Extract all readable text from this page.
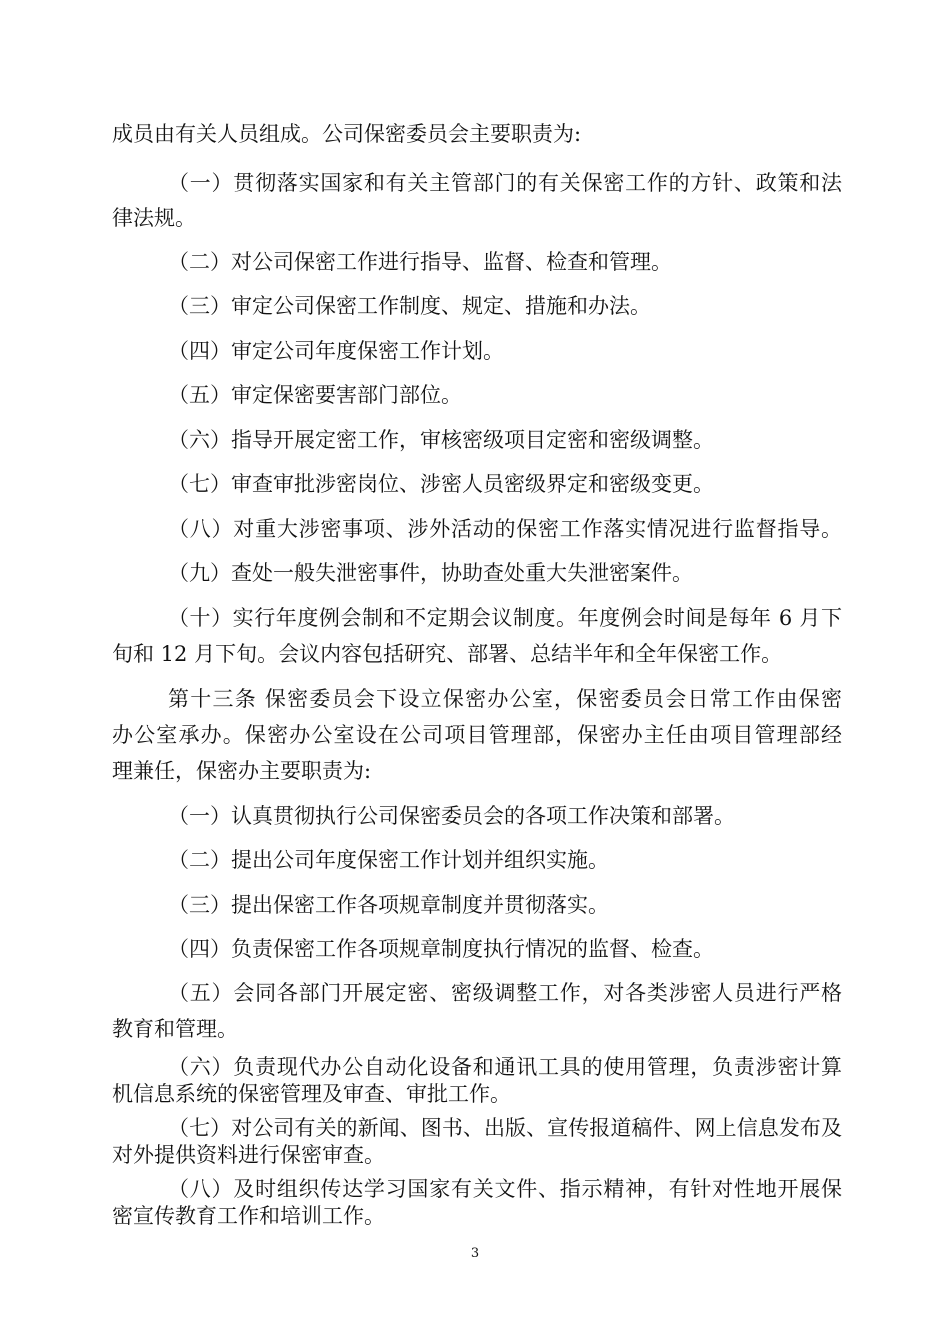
成员由有关人员组成。公司保密委员会主要职责为:
（一）贯彻落实国家和有关主管部门的有关保密工作的方针、政策和法
律法规。
（二）对公司保密工作进行指导、监督、检查和管理。
（三）审定公司保密工作制度、规定、措施和办法。
（四）审定公司年度保密工作计划。
（五）审定保密要害部门部位。
（六）指导开展定密工作，审核密级项目定密和密级调整。
（七）审查审批涉密岗位、涉密人员密级界定和密级变更。
（八）对重大涉密事项、涉外活动的保密工作落实情况进行监督指导。
（九）查处一般失泄密事件，协助查处重大失泄密案件。
（十）实行年度例会制和不定期会议制度。年度例会时间是每年 6 月下
旬和 12 月下旬。会议内容包括研究、部署、总结半年和全年保密工作。
第十三条 保密委员会下设立保密办公室，保密委员会日常工作由保密
办公室承办。保密办公室设在公司项目管理部，保密办主任由项目管理部经
理兼任，保密办主要职责为:
（一）认真贯彻执行公司保密委员会的各项工作决策和部署。
（二）提出公司年度保密工作计划并组织实施。
（三）提出保密工作各项规章制度并贯彻落实。
（四）负责保密工作各项规章制度执行情况的监督、检查。
（五）会同各部门开展定密、密级调整工作，对各类涉密人员进行严格
教育和管理。
（六）负责现代办公自动化设备和通讯工具的使用管理，负责涉密计算
机信息系统的保密管理及审查、审批工作。
（七）对公司有关的新闻、图书、出版、宣传报道稿件、网上信息发布及
对外提供资料进行保密审查。
（八）及时组织传达学习国家有关文件、指示精神，有针对性地开展保
密宣传教育工作和培训工作。
3
